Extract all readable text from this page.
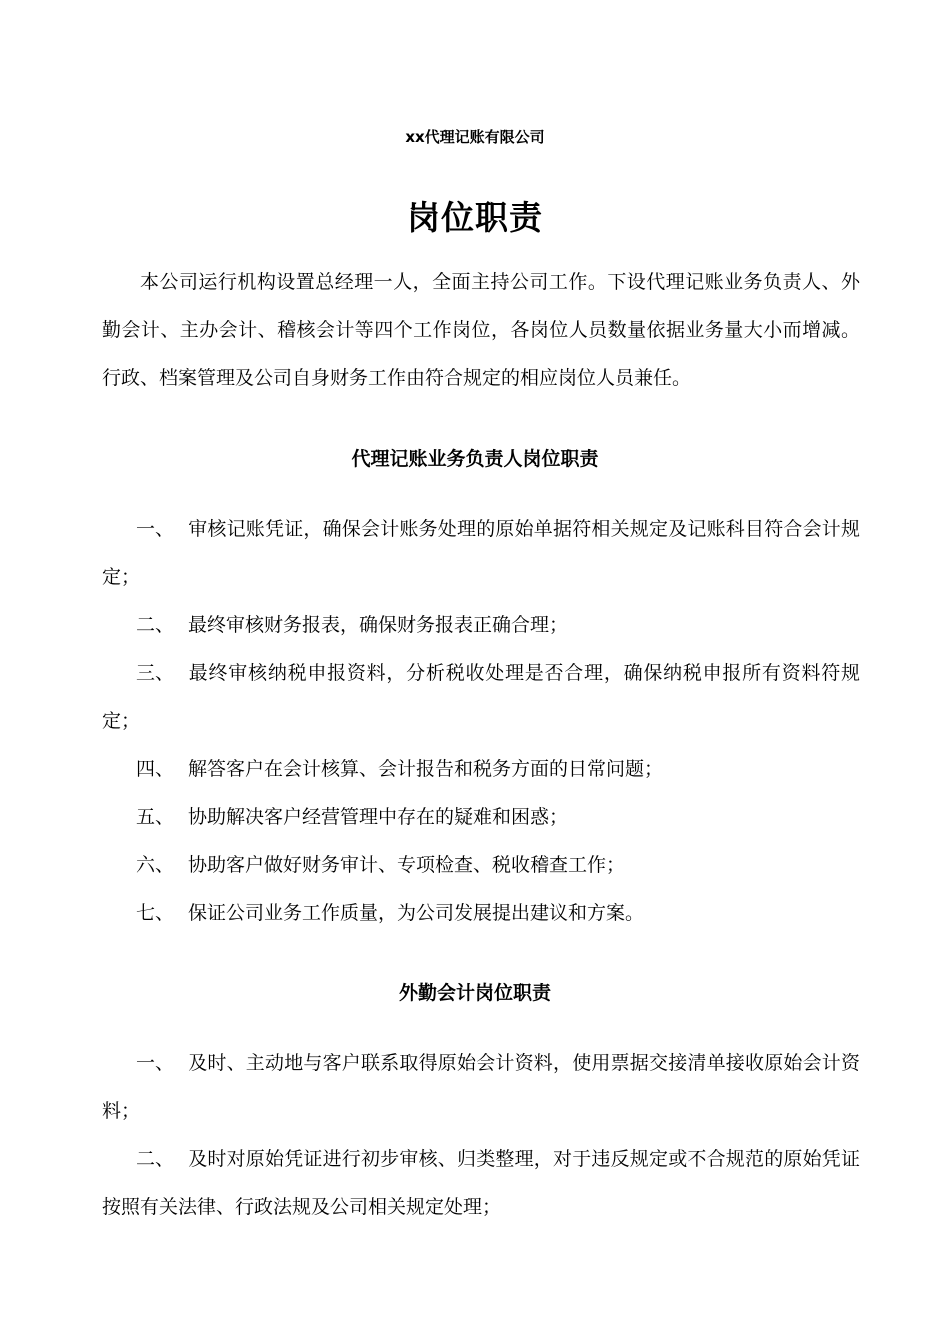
xx代理记账有限公司
岗位职责

本公司运行机构设置总经理一人，全面主持公司工作。下设代理记账业务负责人、外勤会计、主办会计、稽核会计等四个工作岗位，各岗位人员数量依据业务量大小而增减。行政、档案管理及公司自身财务工作由符合规定的相应岗位人员兼任。

代理记账业务负责人岗位职责
一、 审核记账凭证，确保会计账务处理的原始单据符相关规定及记账科目符合会计规定；
二、 最终审核财务报表，确保财务报表正确合理；
三、 最终审核纳税申报资料，分析税收处理是否合理，确保纳税申报所有资料符规定；
四、 解答客户在会计核算、会计报告和税务方面的日常问题；
五、 协助解决客户经营管理中存在的疑难和困惑；
六、 协助客户做好财务审计、专项检查、税收稽查工作；
七、 保证公司业务工作质量，为公司发展提出建议和方案。
外勤会计岗位职责
一、 及时、主动地与客户联系取得原始会计资料，使用票据交接清单接收原始会计资料；
二、 及时对原始凭证进行初步审核、归类整理，对于违反规定或不合规范的原始凭证按照有关法律、行政法规及公司相关规定处理；
